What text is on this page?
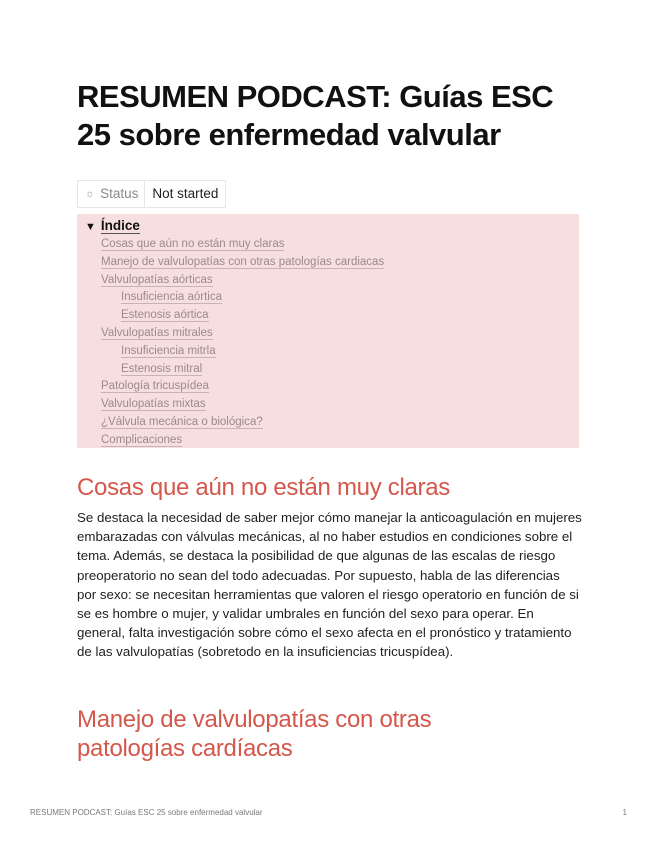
RESUMEN PODCAST: Guías ESC 25 sobre enfermedad valvular
☼ Status	Not started
▼ Índice
Cosas que aún no están muy claras
Manejo de valvulopatías con otras patologías cardiacas
Valvulopatías aórticas
Insuficiencia aórtica
Estenosis aórtica
Valvulopatías mitrales
Insuficiencia mitrla
Estenosis mitral
Patología tricuspídea
Valvulopatías mixtas
¿Válvula mecánica o biológica?
Complicaciones
Cosas que aún no están muy claras

Se destaca la necesidad de saber mejor cómo manejar la anticoagulación en mujeres embarazadas con válvulas mecánicas, al no haber estudios en condiciones sobre el tema. Además, se destaca la posibilidad de que algunas de las escalas de riesgo preoperatorio no sean del todo adecuadas. Por supuesto, habla de las diferencias por sexo: se necesitan herramientas que valoren el riesgo operatorio en función de si se es hombre o mujer, y validar umbrales en función del sexo para operar. En general, falta investigación sobre cómo el sexo afecta en el pronóstico y tratamiento de las valvulopatías (sobretodo en la insuficiencias tricuspídea).

Manejo de valvulopatías con otras patologías cardíacas
RESUMEN PODCAST: Guías ESC 25 sobre enfermedad valvular	1
